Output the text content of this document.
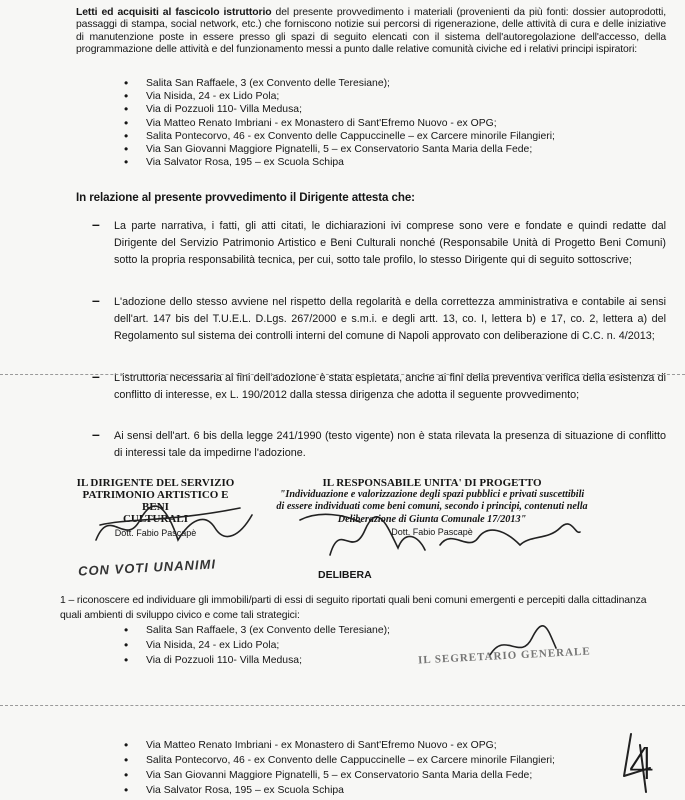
Letti ed acquisiti al fascicolo istruttorio del presente provvedimento i materiali (provenienti da più fonti: dossier autoprodotti, passaggi di stampa, social network, etc.) che forniscono notizie sui percorsi di rigenerazione, delle attività di cura e delle iniziative di manutenzione poste in essere presso gli spazi di seguito elencati con il sistema dell'autoregolazione dell'accesso, della programmazione delle attività e del funzionamento messi a punto dalle relative comunità civiche ed i relativi principi ispiratori:
• Salita San Raffaele, 3 (ex Convento delle Teresiane);
• Via Nisida, 24 - ex Lido Pola;
• Via di Pozzuoli 110- Villa Medusa;
• Via Matteo Renato Imbriani - ex Monastero di Sant'Efremo Nuovo - ex OPG;
• Salita Pontecorvo, 46 - ex Convento delle Cappuccinelle – ex Carcere minorile Filangieri;
• Via San Giovanni Maggiore Pignatelli, 5 – ex Conservatorio Santa Maria della Fede;
• Via Salvator Rosa, 195 – ex Scuola Schipa
In relazione al presente provvedimento il Dirigente attesta che:
– La parte narrativa, i fatti, gli atti citati, le dichiarazioni ivi comprese sono vere e fondate e quindi redatte dal Dirigente del Servizio Patrimonio Artistico e Beni Culturali nonché (Responsabile Unità di Progetto Beni Comuni) sotto la propria responsabilità tecnica, per cui, sotto tale profilo, lo stesso Dirigente qui di seguito sottoscrive;
– L'adozione dello stesso avviene nel rispetto della regolarità e della correttezza amministrativa e contabile ai sensi dell'art. 147 bis del T.U.E.L. D.Lgs. 267/2000 e s.m.i. e degli artt. 13, co. I, lettera b) e 17, co. 2, lettera a) del Regolamento sul sistema dei controlli interni del comune di Napoli approvato con deliberazione di C.C. n. 4/2013;
– L'istruttoria necessaria ai fini dell'adozione è stata espletata, anche ai fini della preventiva verifica della esistenza di conflitto di interesse, ex L. 190/2012 dalla stessa dirigenza che adotta il seguente provvedimento;
– Ai sensi dell'art. 6 bis della legge 241/1990 (testo vigente) non è stata rilevata la presenza di situazione di conflitto di interessi tale da impedirne l'adozione.
IL DIRIGENTE DEL SERVIZIO
PATRIMONIO ARTISTICO E BENI
CULTURALI
Dott. Fabio Pascapè
IL RESPONSABILE UNITA' DI PROGETTO
"Individuazione e valorizzazione degli spazi pubblici e privati suscettibili
di essere individuati come beni comuni, secondo i principi, contenuti nella
Deliberazione di Giunta Comunale 17/2013"
Dott. Fabio Pascapè
CON VOTI UNANIMI	DELIBERA
1 – riconoscere ed individuare gli immobili/parti di essi di seguito riportati quali beni comuni emergenti e percepiti dalla cittadinanza quali ambienti di sviluppo civico e come tali strategici:
• Salita San Raffaele, 3 (ex Convento delle Teresiane);
• Via Nisida, 24 - ex Lido Pola;
• Via di Pozzuoli 110- Villa Medusa;	IL SEGRETARIO GENERALE
• Via Matteo Renato Imbriani - ex Monastero di Sant'Efremo Nuovo - ex OPG;
• Salita Pontecorvo, 46 - ex Convento delle Cappuccinelle – ex Carcere minorile Filangieri;
• Via San Giovanni Maggiore Pignatelli, 5 – ex Conservatorio Santa Maria della Fede;
• Via Salvator Rosa, 195 – ex Scuola Schipa
4
